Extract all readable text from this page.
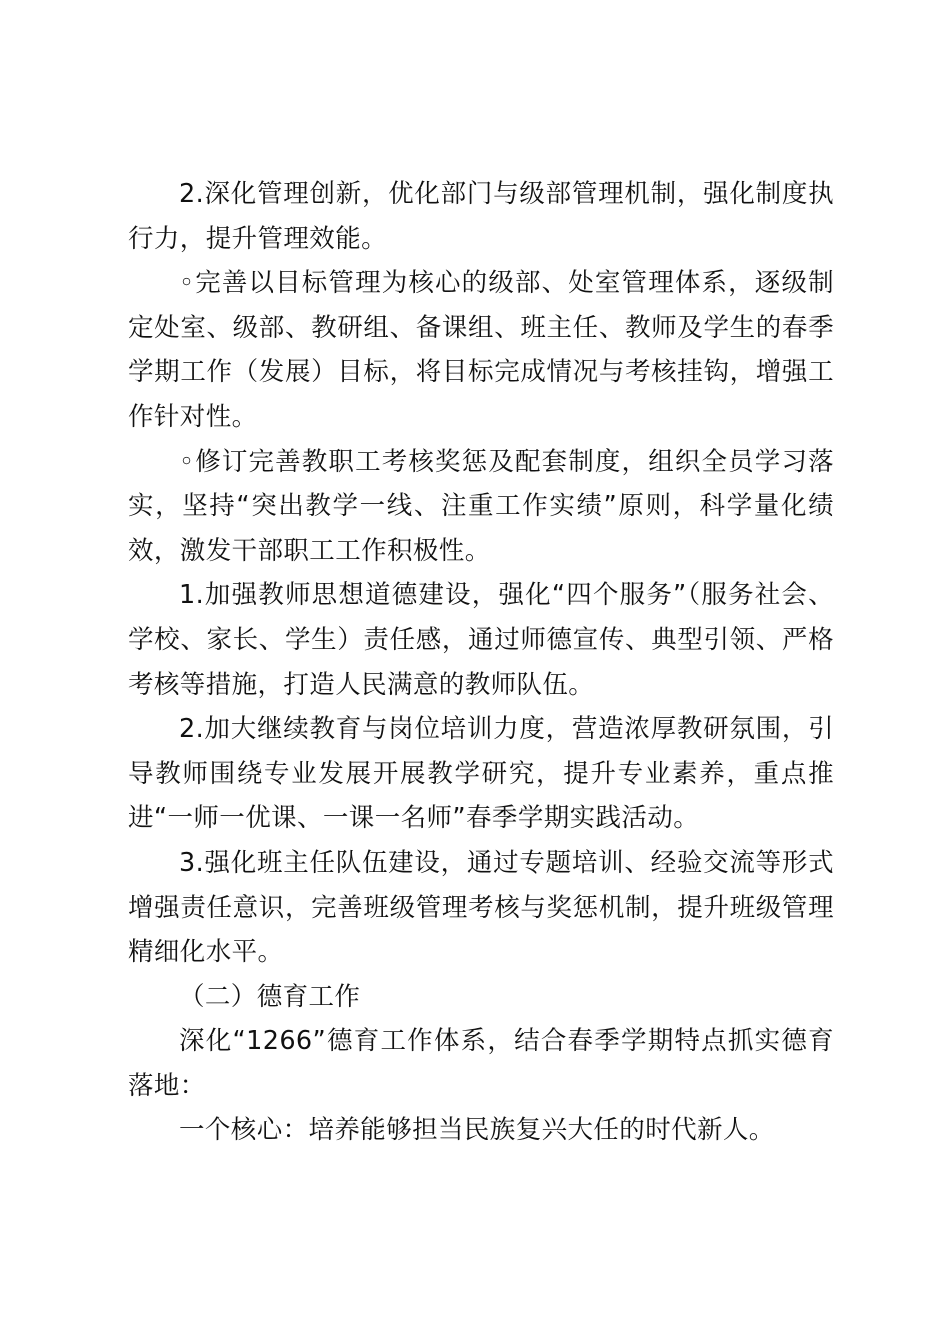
2.深化管理创新，优化部门与级部管理机制，强化制度执行力，提升管理效能。

◦完善以目标管理为核心的级部、处室管理体系，逐级制定处室、级部、教研组、备课组、班主任、教师及学生的春季学期工作（发展）目标，将目标完成情况与考核挂钩，增强工作针对性。

◦修订完善教职工考核奖惩及配套制度，组织全员学习落实，坚持“突出教学一线、注重工作实绩”原则，科学量化绩效，激发干部职工工作积极性。

1.加强教师思想道德建设，强化“四个服务”（服务社会、学校、家长、学生）责任感，通过师德宣传、典型引领、严格考核等措施，打造人民满意的教师队伍。

2.加大继续教育与岗位培训力度，营造浓厚教研氛围，引导教师围绕专业发展开展教学研究，提升专业素养，重点推进“一师一优课、一课一名师”春季学期实践活动。

3.强化班主任队伍建设，通过专题培训、经验交流等形式增强责任意识，完善班级管理考核与奖惩机制，提升班级管理精细化水平。

（二）德育工作

深化“1266”德育工作体系，结合春季学期特点抓实德育落地：

一个核心：培养能够担当民族复兴大任的时代新人。
